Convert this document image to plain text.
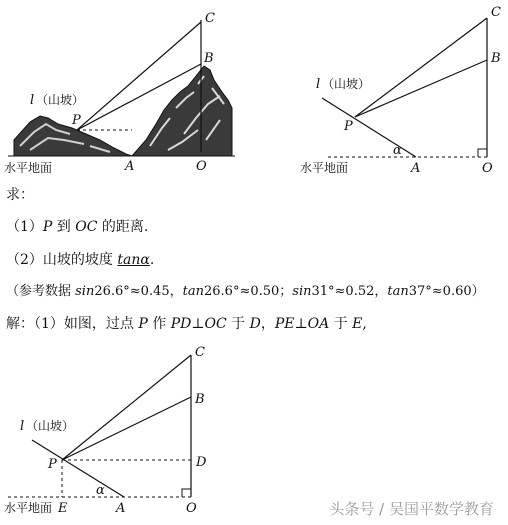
C
B
P
O
A
l （山坡）
水平地面
C
B
P
O
A
α
l （山坡）
水平地面
C
B
P	D
O
A
E
α
l （山坡）
水平地面
求：
（1）P 到 OC 的距离.
（2）山坡的坡度 tanα.
（参考数据 sin26.6°≈0.45，tan26.6°≈0.50；sin31°≈0.52，tan37°≈0.60）
解：（1）如图，过点 P 作 PD⊥OC 于 D，PE⊥OA 于 E,
头条号 / 吴国平数学教育
